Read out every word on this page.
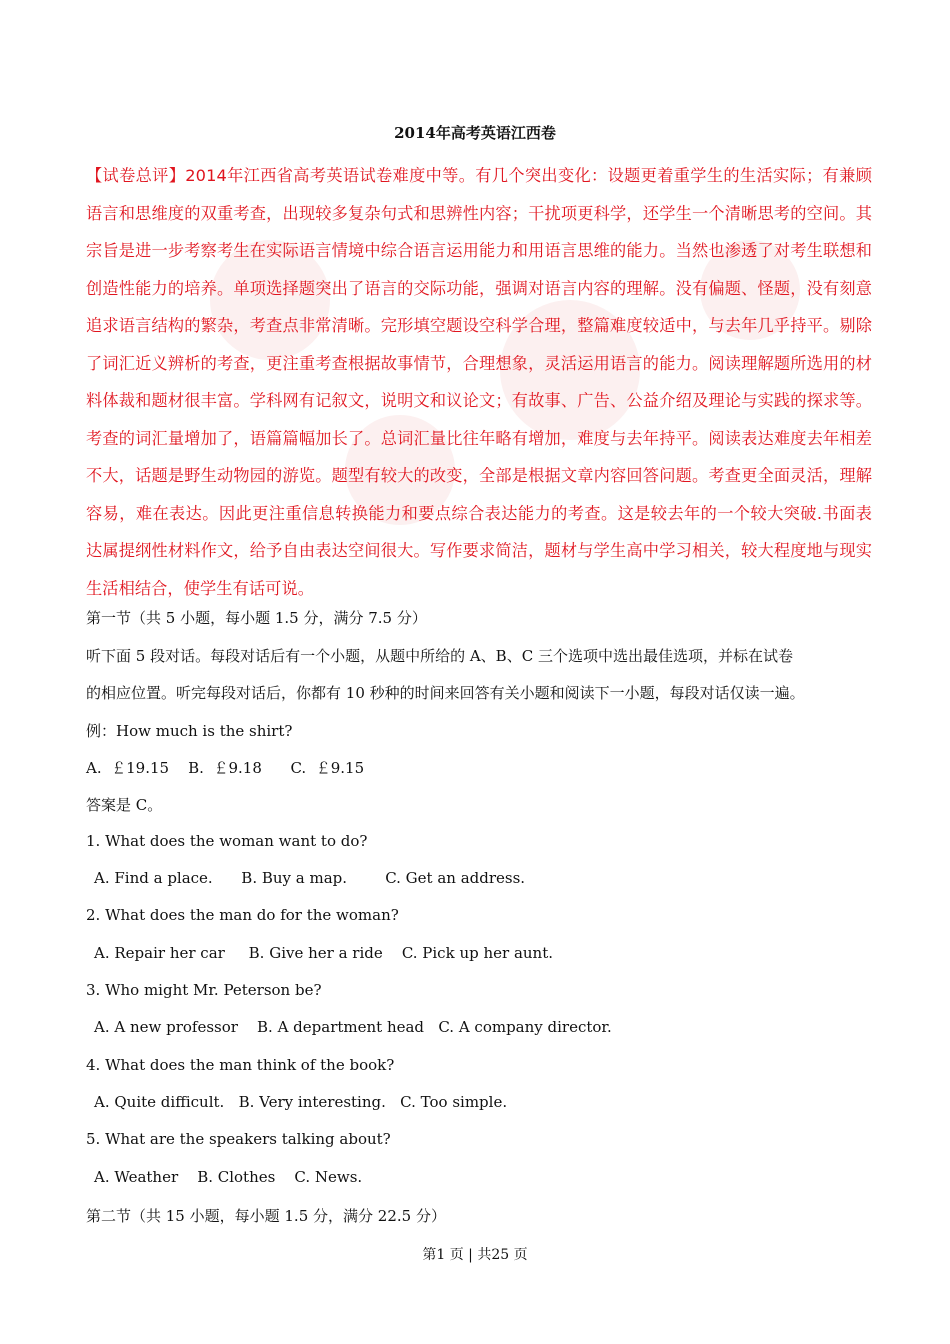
2014年高考英语江西卷
【试卷总评】2014年江西省高考英语试卷难度中等。有几个突出变化：设题更着重学生的生活实际；有兼顾语言和思维度的双重考查，出现较多复杂句式和思辨性内容；干扰项更科学，还学生一个清晰思考的空间。其宗旨是进一步考察考生在实际语言情境中综合语言运用能力和用语言思维的能力。当然也渗透了对考生联想和创造性能力的培养。单项选择题突出了语言的交际功能，强调对语言内容的理解。没有偏题、怪题，没有刻意追求语言结构的繁杂，考查点非常清晰。完形填空题设空科学合理，整篇难度较适中，与去年几乎持平。剔除了词汇近义辨析的考查，更注重考查根据故事情节，合理想象，灵活运用语言的能力。阅读理解题所选用的材料体裁和题材很丰富。学科网有记叙文，说明文和议论文；有故事、广告、公益介绍及理论与实践的探求等。考查的词汇量增加了，语篇篇幅加长了。总词汇量比往年略有增加，难度与去年持平。阅读表达难度去年相差不大，话题是野生动物园的游览。题型有较大的改变，全部是根据文章内容回答问题。考查更全面灵活，理解容易，难在表达。因此更注重信息转换能力和要点综合表达能力的考查。这是较去年的一个较大突破.书面表达属提纲性材料作文，给予自由表达空间很大。写作要求简洁，题材与学生高中学习相关，较大程度地与现实生活相结合，使学生有话可说。
第一节（共 5 小题，每小题 1.5 分，满分 7.5 分）
听下面 5 段对话。每段对话后有一个小题，从题中所给的 A、B、C 三个选项中选出最佳选项，并标在试卷
的相应位置。听完每段对话后，你都有 10 秒种的时间来回答有关小题和阅读下一小题，每段对话仅读一遍。
例：How much is the shirt?
A.  ￡19.15    B.  ￡9.18      C.  ￡9.15
答案是 C。
1. What does the woman want to do?
A. Find a place.      B. Buy a map.        C. Get an address.
2. What does the man do for the woman?
A. Repair her car     B. Give her a ride    C. Pick up her aunt.
3. Who might Mr. Peterson be?
A. A new professor    B. A department head   C. A company director.
4. What does the man think of the book?
A. Quite difficult.   B. Very interesting.   C. Too simple.
5. What are the speakers talking about?
A. Weather    B. Clothes    C. News.
第二节（共 15 小题，每小题 1.5 分，满分 22.5 分）
第1 页 | 共25 页
